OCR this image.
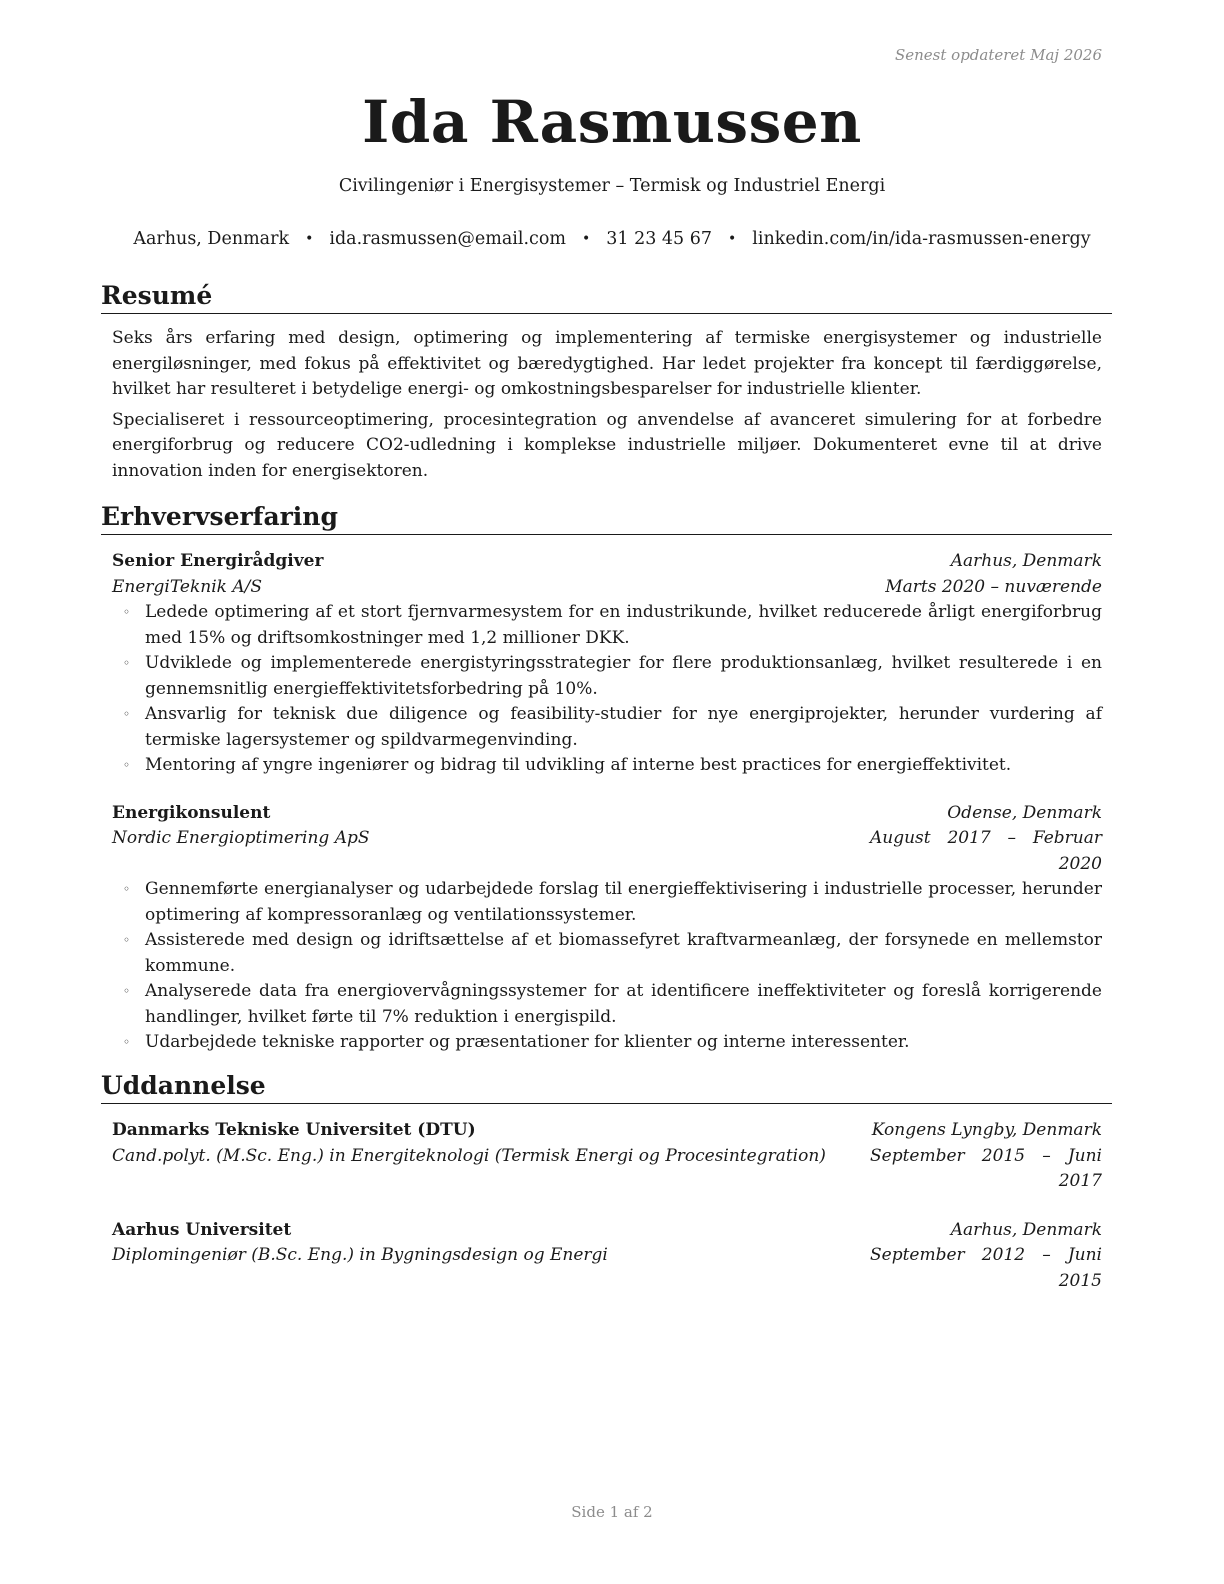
Senest opdateret Maj 2026
Ida Rasmussen
Civilingeniør i Energisystemer – Termisk og Industriel Energi
Aarhus, Denmark • ida.rasmussen@email.com • 31 23 45 67 • linkedin.com/in/ida-rasmussen-energy
Resumé

Seks års erfaring med design, optimering og implementering af termiske energisystemer og industrielle energiløsninger, med fokus på effektivitet og bæredygtighed. Har ledet projekter fra koncept til færdiggørelse, hvilket har resulteret i betydelige energi- og omkostningsbesparelser for industrielle klienter.

Specialiseret i ressourceoptimering, procesintegration og anvendelse af avanceret simulering for at forbedre energiforbrug og reducere CO2-udledning i komplekse industrielle miljøer. Dokumenteret evne til at drive innovation inden for energisektoren.

Erhvervserfaring
Senior Energirådgiver	Aarhus, Denmark
EnergiTeknik A/S	Marts 2020 – nuværende
◦ Ledede optimering af et stort fjernvarmesystem for en industrikunde, hvilket reducerede årligt energiforbrug med 15% og driftsomkostninger med 1,2 millioner DKK.
◦ Udviklede og implementerede energistyringsstrategier for flere produktionsanlæg, hvilket resulterede i en gennemsnitlig energieffektivitetsforbedring på 10%.
◦ Ansvarlig for teknisk due diligence og feasibility-studier for nye energiprojekter, herunder vurdering af termiske lagersystemer og spildvarmegenvinding.
◦ Mentoring af yngre ingeniører og bidrag til udvikling af interne best practices for energieffektivitet.
Energikonsulent	Odense, Denmark
Nordic Energioptimering ApS	August 2017 – Februar 2020
◦ Gennemførte energianalyser og udarbejdede forslag til energieffektivisering i industrielle processer, herunder optimering af kompressoranlæg og ventilationssystemer.
◦ Assisterede med design og idriftsættelse af et biomassefyret kraftvarmeanlæg, der forsynede en mellemstor kommune.
◦ Analyserede data fra energiovervågningssystemer for at identificere ineffektiviteter og foreslå korrigerende handlinger, hvilket førte til 7% reduktion i energispild.
◦ Udarbejdede tekniske rapporter og præsentationer for klienter og interne interessenter.
Uddannelse
Danmarks Tekniske Universitet (DTU)	Kongens Lyngby, Denmark
Cand.polyt. (M.Sc. Eng.) in Energiteknologi (Termisk Energi og Procesintegration)	September 2015 – Juni 2017
Aarhus Universitet	Aarhus, Denmark
Diplomingeniør (B.Sc. Eng.) in Bygningsdesign og Energi	September 2012 – Juni 2015
Side 1 af 2
